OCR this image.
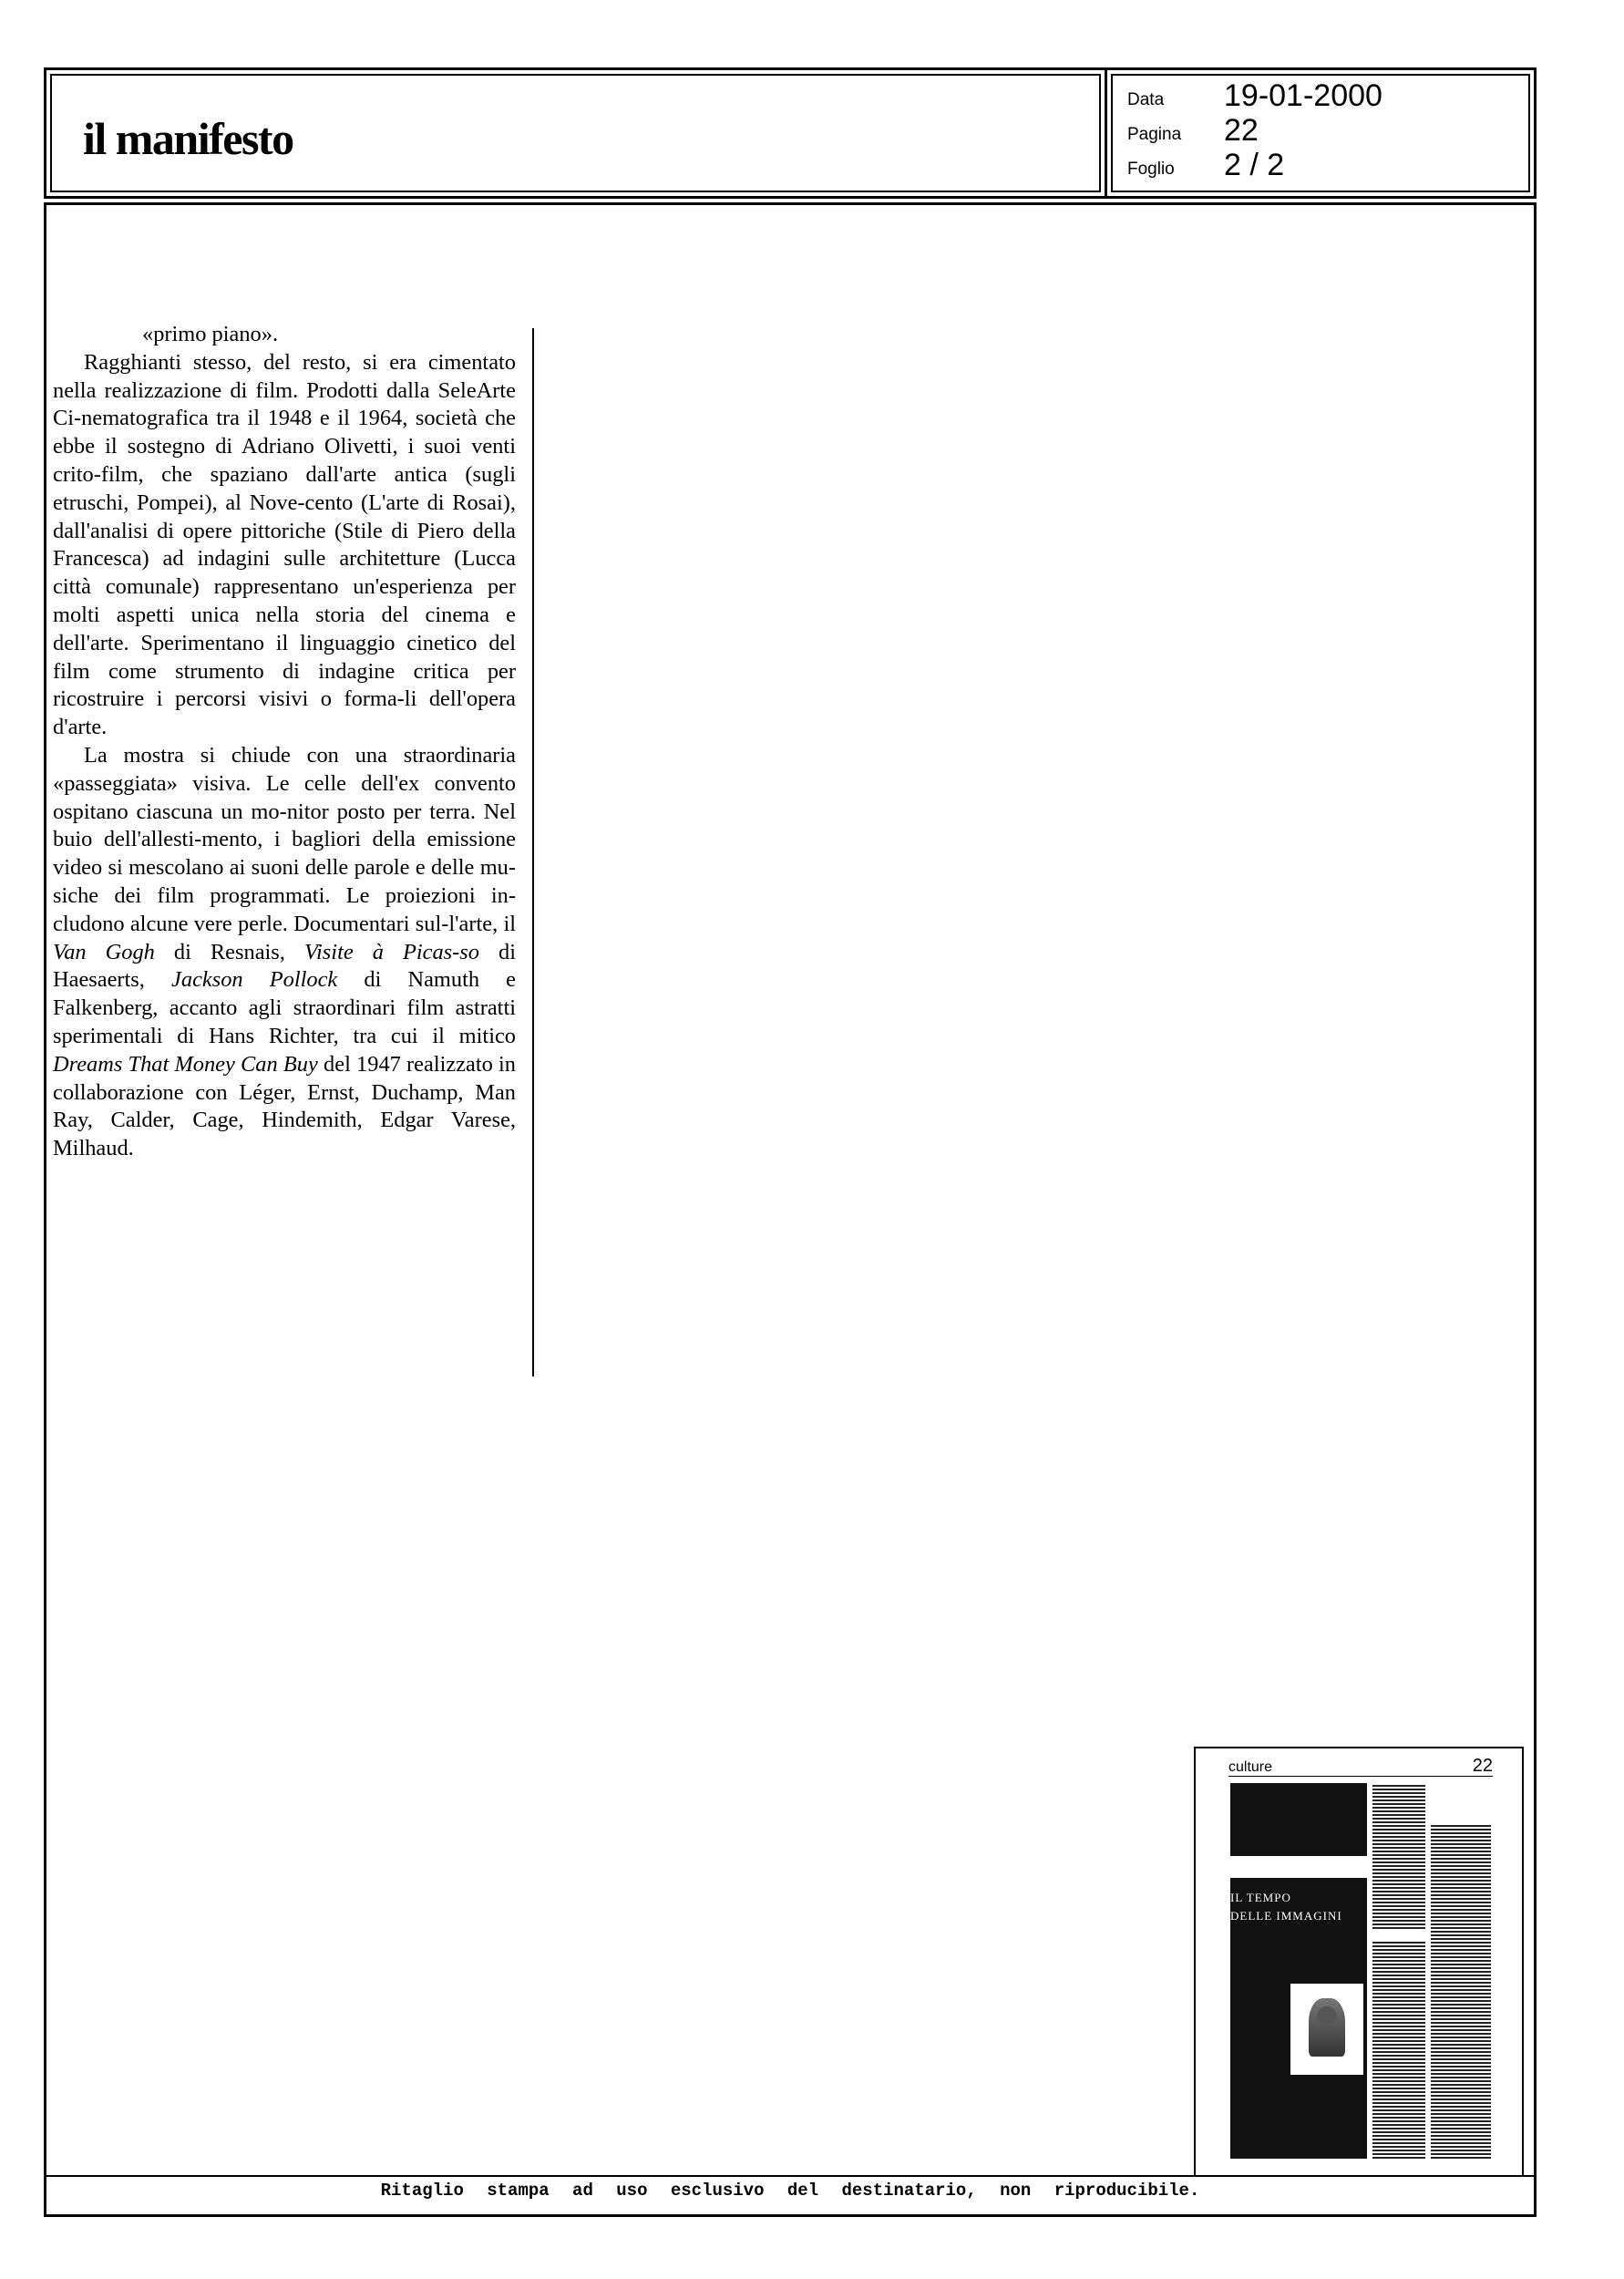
il manifesto
Data 19-01-2000
Pagina 22
Foglio 2 / 2

«primo piano».

Ragghianti stesso, del resto, si era cimentato nella realizzazione di film. Prodotti dalla SeleArte Ci-nematografica tra il 1948 e il 1964, società che ebbe il sostegno di Adriano Olivetti, i suoi venti crito-film, che spaziano dall'arte antica (sugli etruschi, Pompei), al Nove-cento (L'arte di Rosai), dall'analisi di opere pittoriche (Stile di Piero della Francesca) ad indagini sulle architetture (Lucca città comunale) rappresentano un'esperienza per molti aspetti unica nella storia del cinema e dell'arte. Sperimentano il linguaggio cinetico del film come strumento di indagine critica per ricostruire i percorsi visivi o forma-li dell'opera d'arte.

La mostra si chiude con una straordinaria «passeggiata» visiva. Le celle dell'ex convento ospitano ciascuna un mo-nitor posto per terra. Nel buio dell'allesti-mento, i bagliori della emissione video si mescolano ai suoni delle parole e delle mu-siche dei film programmati. Le proiezioni in-cludono alcune vere perle. Documentari sul-l'arte, il Van Gogh di Resnais, Visite à Picas-so di Haesaerts, Jackson Pollock di Namuth e Falkenberg, accanto agli straordinari film astratti sperimentali di Hans Richter, tra cui il mitico Dreams That Money Can Buy del 1947 realizzato in collaborazione con Léger, Ernst, Duchamp, Man Ray, Calder, Cage, Hindemith, Edgar Varese, Milhaud.

culture	22
IL TEMPO
DELLE IMMAGINI
Ritaglio stampa ad uso esclusivo del destinatario, non riproducibile.
